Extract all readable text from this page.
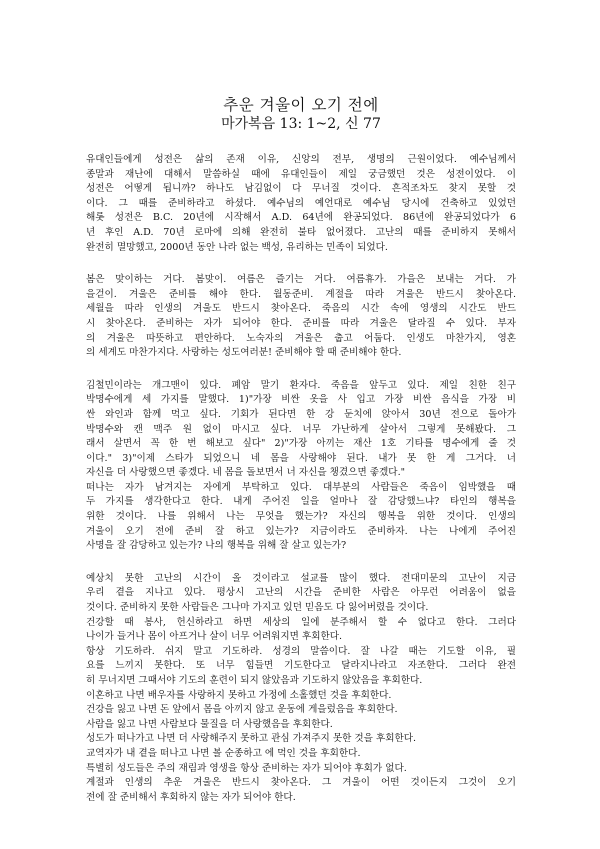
추운 겨울이 오기 전에
마가복음 13: 1~2, 신 77
유대인들에게 성전은 삶의 존재 이유, 신앙의 전부, 생명의 근원이었다. 예수님께서
종말과 재난에 대해서 말씀하실 때에 유대인들이 제일 궁금했던 것은 성전이었다. 이
성전은 어떻게 됩니까? 하나도 남김없이 다 무너질 것이다. 흔적조차도 찾지 못할 것
이다. 그 때를 준비하라고 하셨다. 예수님의 예언대로 예수님 당시에 건축하고 있었던
해롯 성전은 B.C. 20년에 시작해서 A.D. 64년에 완공되었다. 86년에 완공되었다가 6
년 후인 A.D. 70년 로마에 의해 완전히 불타 없어졌다. 고난의 때를 준비하지 못해서
완전히 멸망했고, 2000년 동안 나라 없는 백성, 유리하는 민족이 되었다.
봄은 맞이하는 거다. 봄맞이. 여름은 즐기는 거다. 여름휴가. 가을은 보내는 거다. 가
을걷이. 겨울은 준비를 해야 한다. 월동준비. 계절을 따라 겨울은 반드시 찾아온다.
세월을 따라 인생의 겨울도 반드시 찾아온다. 죽음의 시간 속에 영생의 시간도 반드
시 찾아온다. 준비하는 자가 되어야 한다. 준비를 따라 겨울은 달라질 수 있다. 부자
의 겨울은 따뜻하고 편안하다. 노숙자의 겨울은 춥고 어둡다. 인생도 마찬가지, 영혼
의 세계도 마찬가지다. 사랑하는 성도여러분! 준비해야 할 때 준비해야 한다.
김철민이라는 개그맨이 있다. 폐암 말기 환자다. 죽음을 앞두고 있다. 제일 친한 친구
박명수에게 세 가지를 말했다. 1)"가장 비싼 옷을 사 입고 가장 비싼 음식을 가장 비
싼 와인과 함께 먹고 싶다. 기회가 된다면 한 강 둔치에 앉아서 30년 전으로 돌아가
박명수와 캔 맥주 원 없이 마시고 싶다. 너무 가난하게 살아서 그렇게 못해봤다. 그
래서 살면서 꼭 한 번 해보고 싶다" 2)"가장 아끼는 재산 1호 기타를 명수에게 줄 것
이다." 3)"이제 스타가 되었으니 네 몸을 사랑해야 된다. 내가 못 한 게 그거다. 너
자신을 더 사랑했으면 좋겠다. 네 몸을 돌보면서 너 자신을 챙겼으면 좋겠다."
떠나는 자가 남겨지는 자에게 부탁하고 있다. 대부분의 사람들은 죽음이 임박했을 때
두 가지를 생각한다고 한다. 내게 주어진 일을 얼마나 잘 감당했느냐? 타인의 행복을
위한 것이다. 나를 위해서 나는 무엇을 했는가? 자신의 행복을 위한 것이다. 인생의
겨울이 오기 전에 준비 잘 하고 있는가? 지금이라도 준비하자. 나는 나에게 주어진
사명을 잘 감당하고 있는가? 나의 행복을 위해 잘 살고 있는가?
예상치 못한 고난의 시간이 올 것이라고 설교를 많이 했다. 전대미문의 고난이 지금
우리 곁을 지나고 있다. 평상시 고난의 시간을 준비한 사람은 아무런 어려움이 없을
것이다. 준비하지 못한 사람들은 그나마 가지고 있던 믿음도 다 잃어버렸을 것이다.
건강할 때 봉사, 헌신하라고 하면 세상의 일에 분주해서 할 수 없다고 한다. 그러다
나이가 들거나 몸이 아프거나 살이 너무 어려워지면 후회한다.
항상 기도하라. 쉬지 말고 기도하라. 성경의 말씀이다. 잘 나갈 때는 기도할 이유, 필
요를 느끼지 못한다. 또 너무 힘들면 기도한다고 달라지나라고 자조한다. 그러다 완전
히 무너지면 그때서야 기도의 훈련이 되지 않았음과 기도하지 않았음을 후회한다.
이혼하고 나면 배우자를 사랑하지 못하고 가정에 소홀했던 것을 후회한다.
건강을 잃고 나면 돈 앞에서 몸을 아끼지 않고 운동에 게을렀음을 후회한다.
사람을 잃고 나면 사람보다 물질을 더 사랑했음을 후회한다.
성도가 떠나가고 나면 더 사랑해주지 못하고 관심 가져주지 못한 것을 후회한다.
교역자가 내 곁을 떠나고 나면 볼 순종하고 에 먹인 것을 후회한다.
특별히 성도들은 주의 재림과 영생을 항상 준비하는 자가 되어야 후회가 없다.
계절과 인생의 추운 겨울은 반드시 찾아온다. 그 겨울이 어떤 것이든지 그것이 오기
전에 잘 준비해서 후회하지 않는 자가 되어야 한다.
